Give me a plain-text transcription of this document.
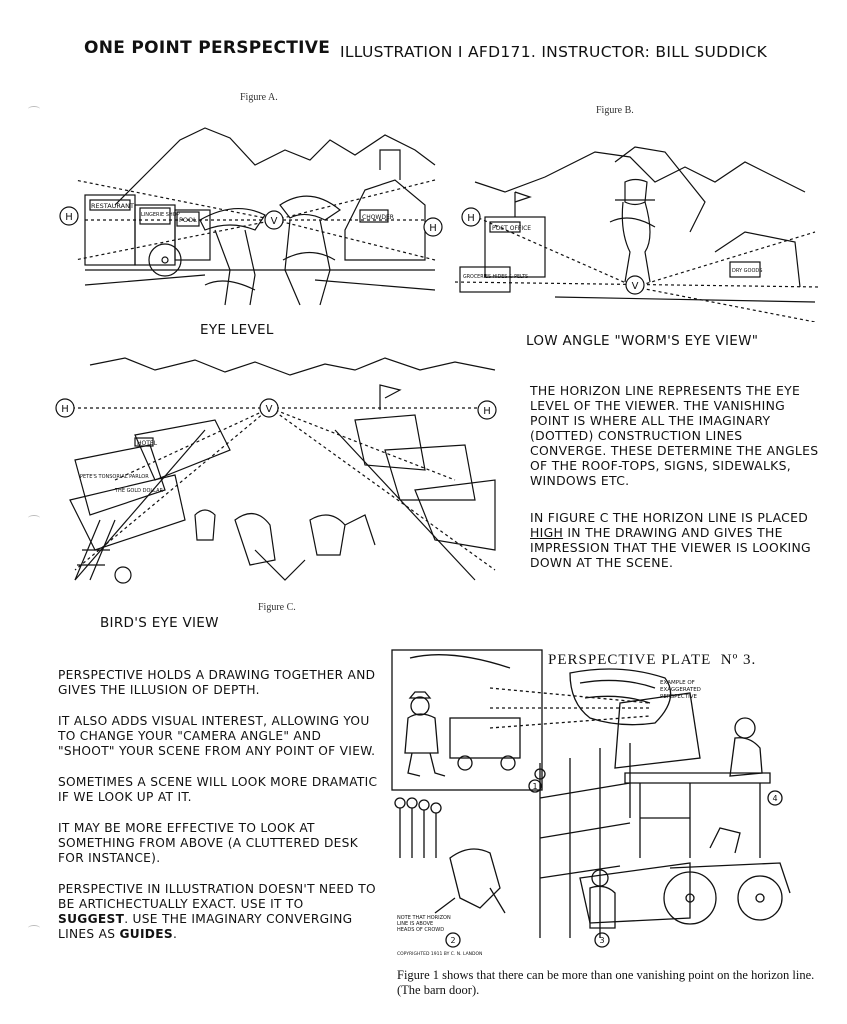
ONE POINT PERSPECTIVE ILLUSTRATION I AFD171. INSTRUCTOR: BILL SUDDICK
Figure A.
RESTAURANT
LINGERIE SHOP
POOL	CHOWDER
H	V
H
EYE LEVEL
Figure B.
POST OFFICE
GROCERIES HIDES & PELTS
DRY GOODS
H
V
LOW ANGLE "WORM'S EYE VIEW"
HOTEL
PETE'S TONSORIAL PARLOR
THE GOLD DOLLAR
H	V	H
Figure C.
BIRD'S EYE VIEW

THE HORIZON LINE REPRESENTS THE EYE LEVEL OF THE VIEWER. THE VANISHING POINT IS WHERE ALL THE IMAGINARY (DOTTED) CONSTRUCTION LINES CONVERGE. THESE DETERMINE THE ANGLES OF THE ROOF-TOPS, SIGNS, SIDEWALKS, WINDOWS ETC.

IN FIGURE C THE HORIZON LINE IS PLACED HIGH IN THE DRAWING AND GIVES THE IMPRESSION THAT THE VIEWER IS LOOKING DOWN AT THE SCENE.

PERSPECTIVE HOLDS A DRAWING TOGETHER AND GIVES THE ILLUSION OF DEPTH.

IT ALSO ADDS VISUAL INTEREST, ALLOWING YOU TO CHANGE YOUR "CAMERA ANGLE" AND "SHOOT" YOUR SCENE FROM ANY POINT OF VIEW.

SOMETIMES A SCENE WILL LOOK MORE DRAMATIC IF WE LOOK UP AT IT.

IT MAY BE MORE EFFECTIVE TO LOOK AT SOMETHING FROM ABOVE (A CLUTTERED DESK FOR INSTANCE).

PERSPECTIVE IN ILLUSTRATION DOESN'T NEED TO BE ARTICHECTUALLY EXACT. USE IT TO SUGGEST. USE THE IMAGINARY CONVERGING LINES AS GUIDES.

PERSPECTIVE PLATE Nº 3.
EXAMPLE OF EXAGGERATED PERSPECTIVE
1
2	3
4
NOTE THAT HORIZON LINE IS ABOVE HEADS OF CROWD
COPYRIGHTED 1911 BY C. N. LANDON
Figure 1 shows that there can be more than one vanishing point on the horizon line. (The barn door).
